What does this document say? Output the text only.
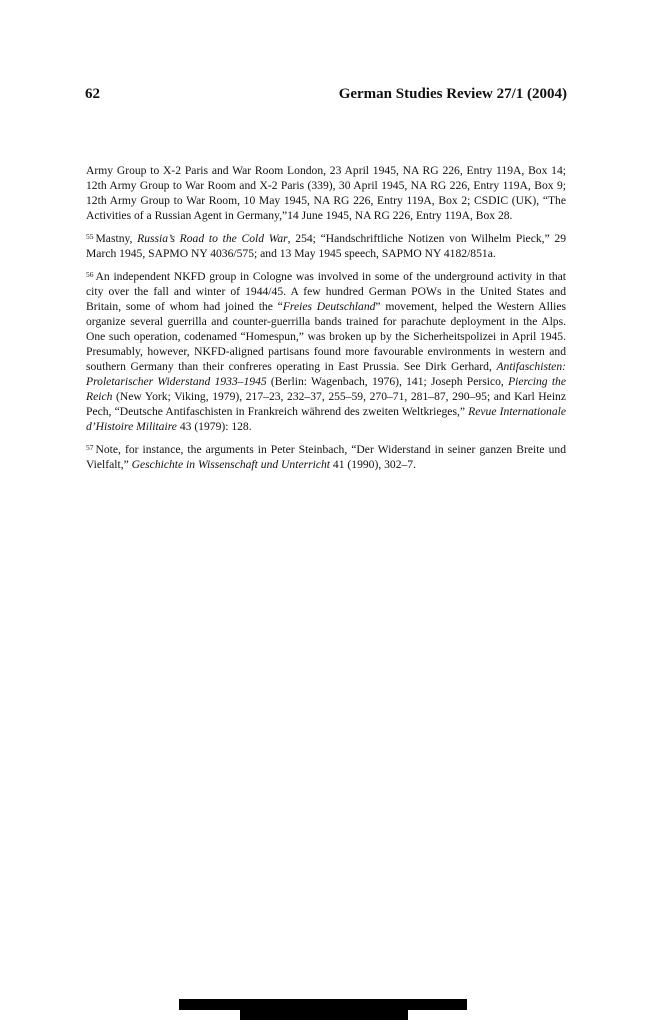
62	German Studies Review 27/1 (2004)

Army Group to X-2 Paris and War Room London, 23 April 1945, NA RG 226, Entry 119A, Box 14; 12th Army Group to War Room and X-2 Paris (339), 30 April 1945, NA RG 226, Entry 119A, Box 9; 12th Army Group to War Room, 10 May 1945, NA RG 226, Entry 119A, Box 2; CSDIC (UK), “The Activities of a Russian Agent in Germany,”14 June 1945, NA RG 226, Entry 119A, Box 28.

$^{55}$ Mastny, Russia’s Road to the Cold War, 254; “Handschriftliche Notizen von Wilhelm Pieck,” 29 March 1945, SAPMO NY 4036/575; and 13 May 1945 speech, SAPMO NY 4182/851a.

$^{56}$ An independent NKFD group in Cologne was involved in some of the underground activity in that city over the fall and winter of 1944/45. A few hundred German POWs in the United States and Britain, some of whom had joined the “Freies Deutschland” movement, helped the Western Allies organize several guerrilla and counter-guerrilla bands trained for parachute deployment in the Alps. One such operation, codenamed “Homespun,” was broken up by the Sicherheitspolizei in April 1945. Presumably, however, NKFD-aligned partisans found more favourable environments in western and southern Germany than their confreres operating in East Prussia. See Dirk Gerhard, Antifaschisten: Proletarischer Widerstand 1933–1945 (Berlin: Wagenbach, 1976), 141; Joseph Persico, Piercing the Reich (New York; Viking, 1979), 217–23, 232–37, 255–59, 270–71, 281–87, 290–95; and Karl Heinz Pech, “Deutsche Antifaschisten in Frankreich während des zweiten Weltkrieges,” Revue Internationale d’Histoire Militaire 43 (1979): 128.

$^{57}$ Note, for instance, the arguments in Peter Steinbach, “Der Widerstand in seiner ganzen Breite und Vielfalt,” Geschichte in Wissenschaft und Unterricht 41 (1990), 302–7.
